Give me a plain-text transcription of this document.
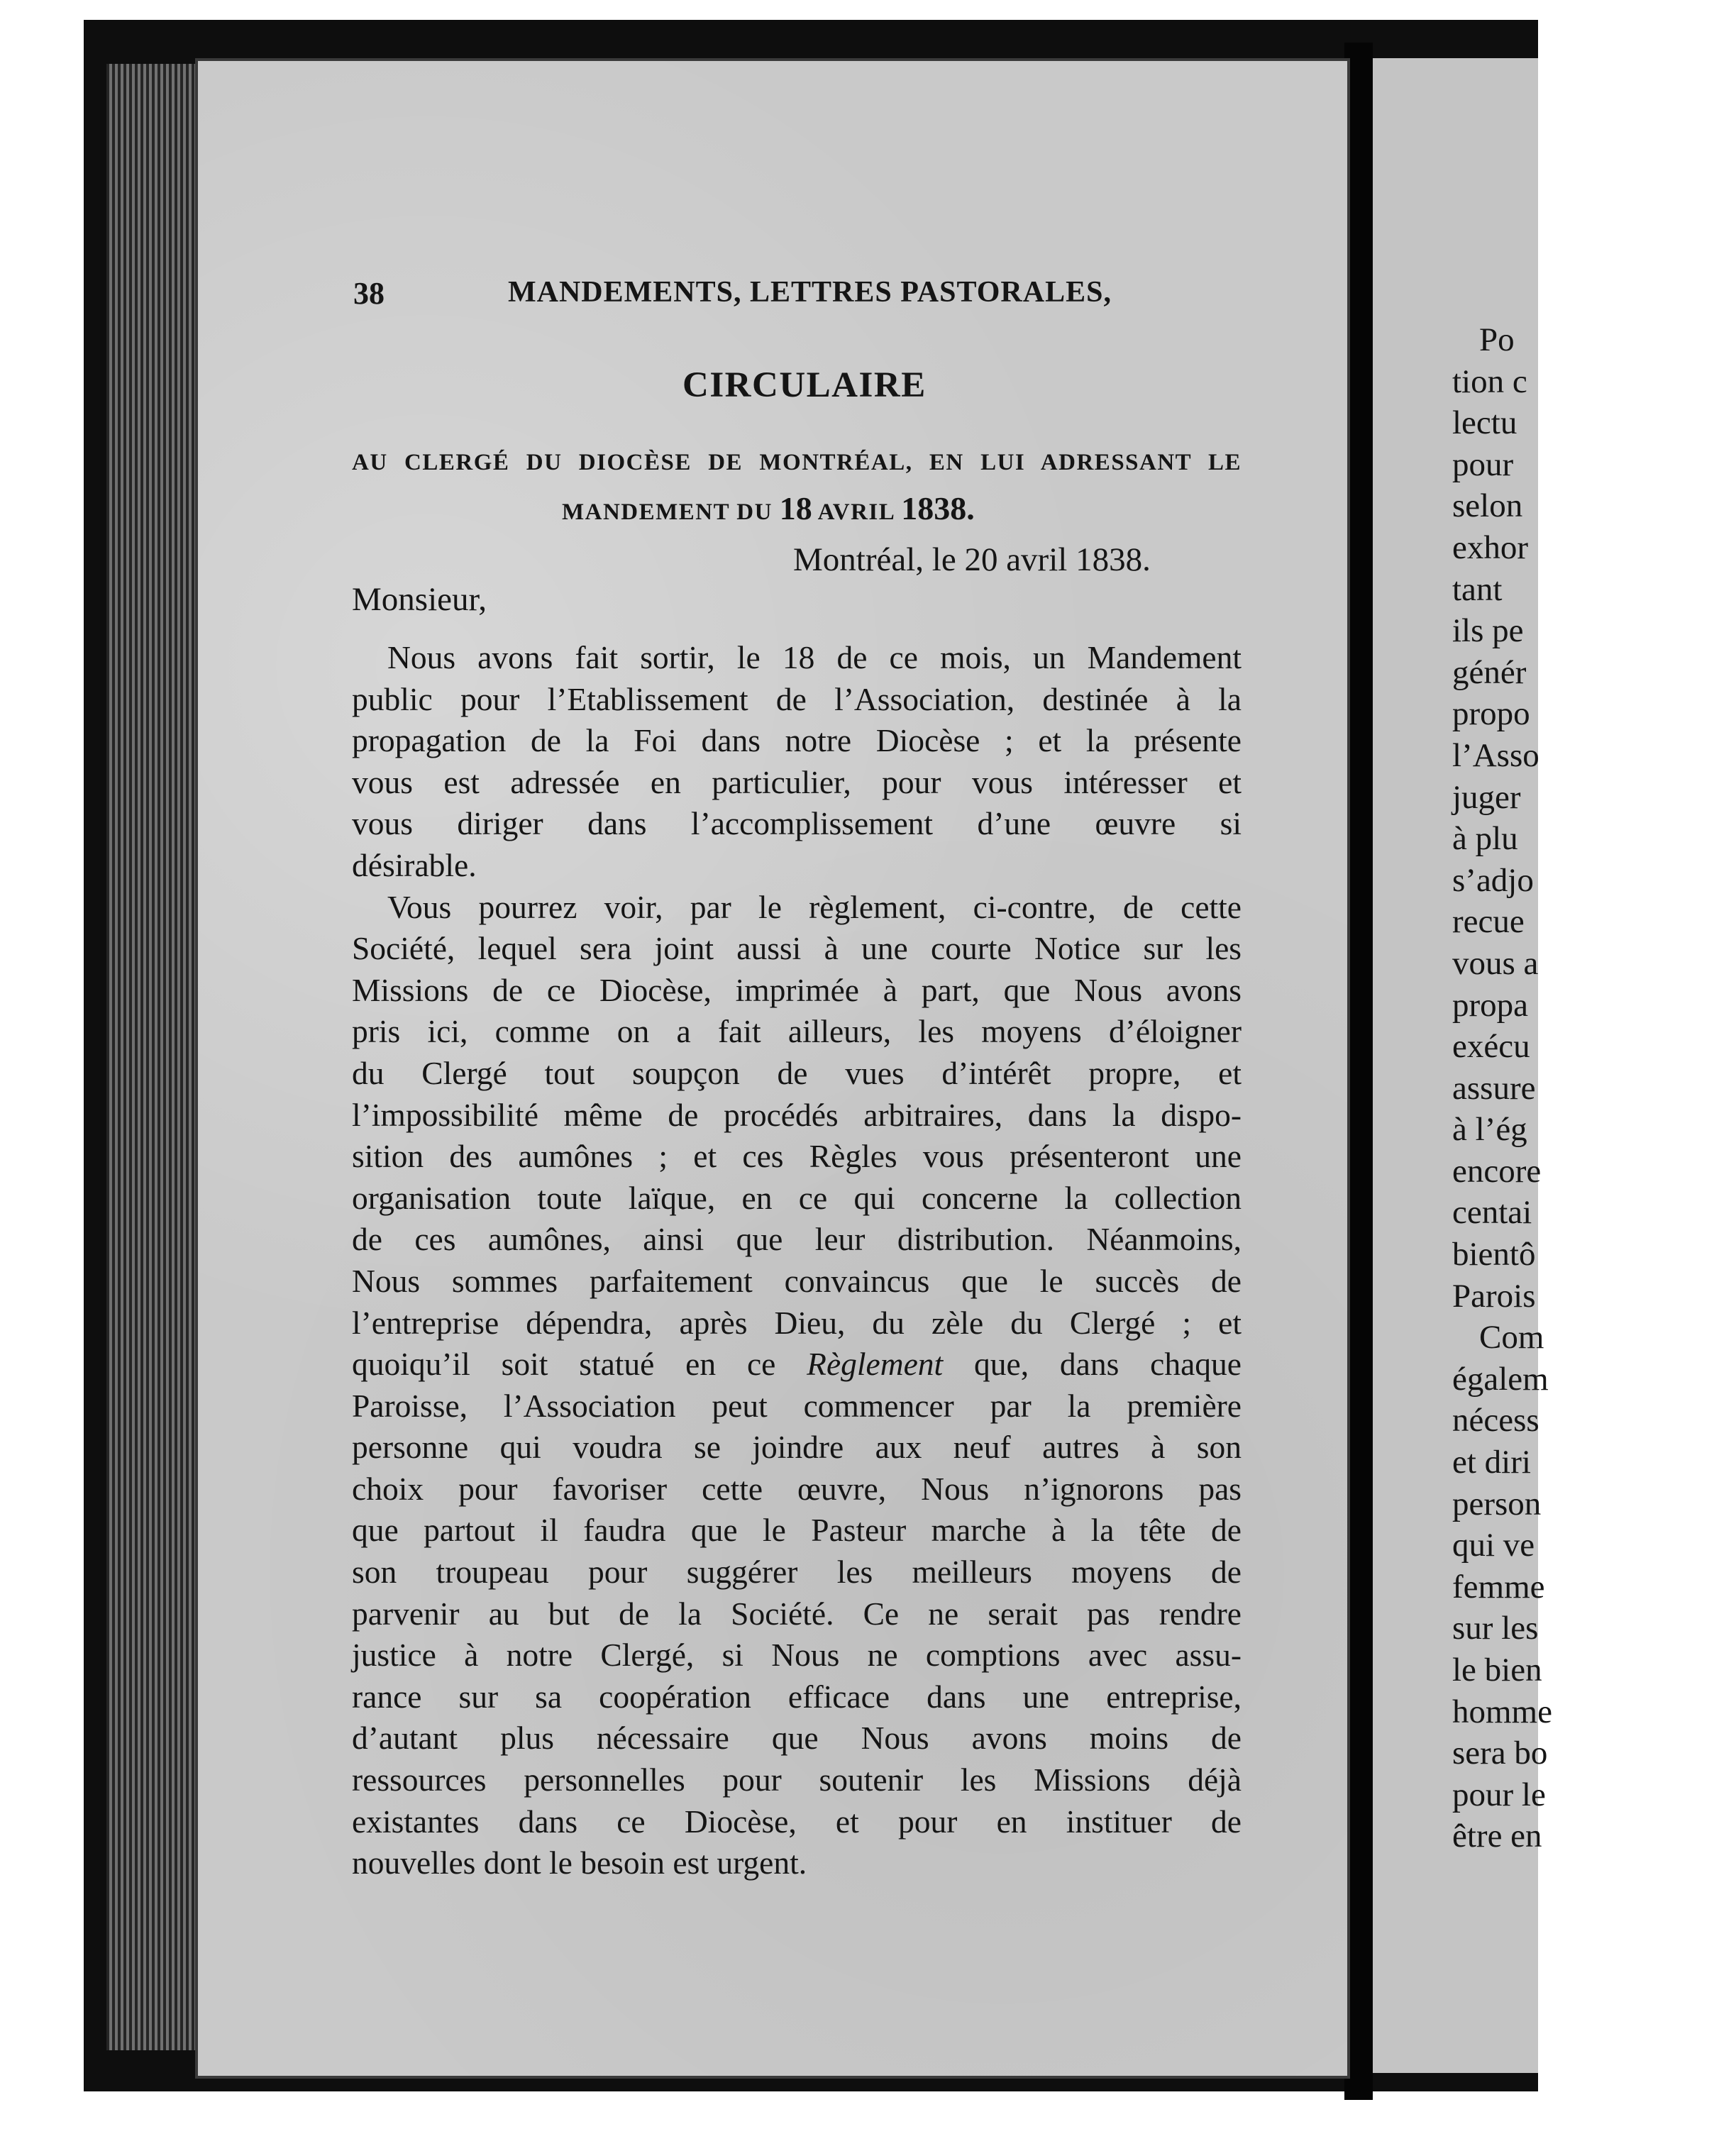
Po
tion c
lectu
pour
selon
exhor
tant
ils pe
génér
propo
l’Asso
juger
à plu
s’adjo
recue
vous a
propa
exécu
assure
à l’ég
encore
centai
bientô
Parois
Com
égalem
nécess
et diri
person
qui ve
femme
sur les
le bien
homme
sera bo
pour le
être en
38	MANDEMENTS, LETTRES PASTORALES,
CIRCULAIRE
AU CLERGÉ DU DIOCÈSE DE MONTRÉAL, EN LUI ADRESSANT LE
MANDEMENT DU 18 AVRIL 1838.
Montréal, le 20 avril 1838.
Monsieur,
Nous avons fait sortir, le 18 de ce mois, un Mandement
public pour l’Etablissement de l’Association, destinée à la
propagation de la Foi dans notre Diocèse ; et la présente
vous est adressée en particulier, pour vous intéresser et
vous diriger dans l’accomplissement d’une œuvre si
désirable.
Vous pourrez voir, par le règlement, ci-contre, de cette
Société, lequel sera joint aussi à une courte Notice sur les
Missions de ce Diocèse, imprimée à part, que Nous avons
pris ici, comme on a fait ailleurs, les moyens d’éloigner
du Clergé tout soupçon de vues d’intérêt propre, et
l’impossibilité même de procédés arbitraires, dans la dispo-
sition des aumônes ; et ces Règles vous présenteront une
organisation toute laïque, en ce qui concerne la collection
de ces aumônes, ainsi que leur distribution. Néanmoins,
Nous sommes parfaitement convaincus que le succès de
l’entreprise dépendra, après Dieu, du zèle du Clergé ; et
quoiqu’il soit statué en ce Règlement que, dans chaque
Paroisse, l’Association peut commencer par la première
personne qui voudra se joindre aux neuf autres à son
choix pour favoriser cette œuvre, Nous n’ignorons pas
que partout il faudra que le Pasteur marche à la tête de
son troupeau pour suggérer les meilleurs moyens de
parvenir au but de la Société. Ce ne serait pas rendre
justice à notre Clergé, si Nous ne comptions avec assu-
rance sur sa coopération efficace dans une entreprise,
d’autant plus nécessaire que Nous avons moins de
ressources personnelles pour soutenir les Missions déjà
existantes dans ce Diocèse, et pour en instituer de
nouvelles dont le besoin est urgent.
